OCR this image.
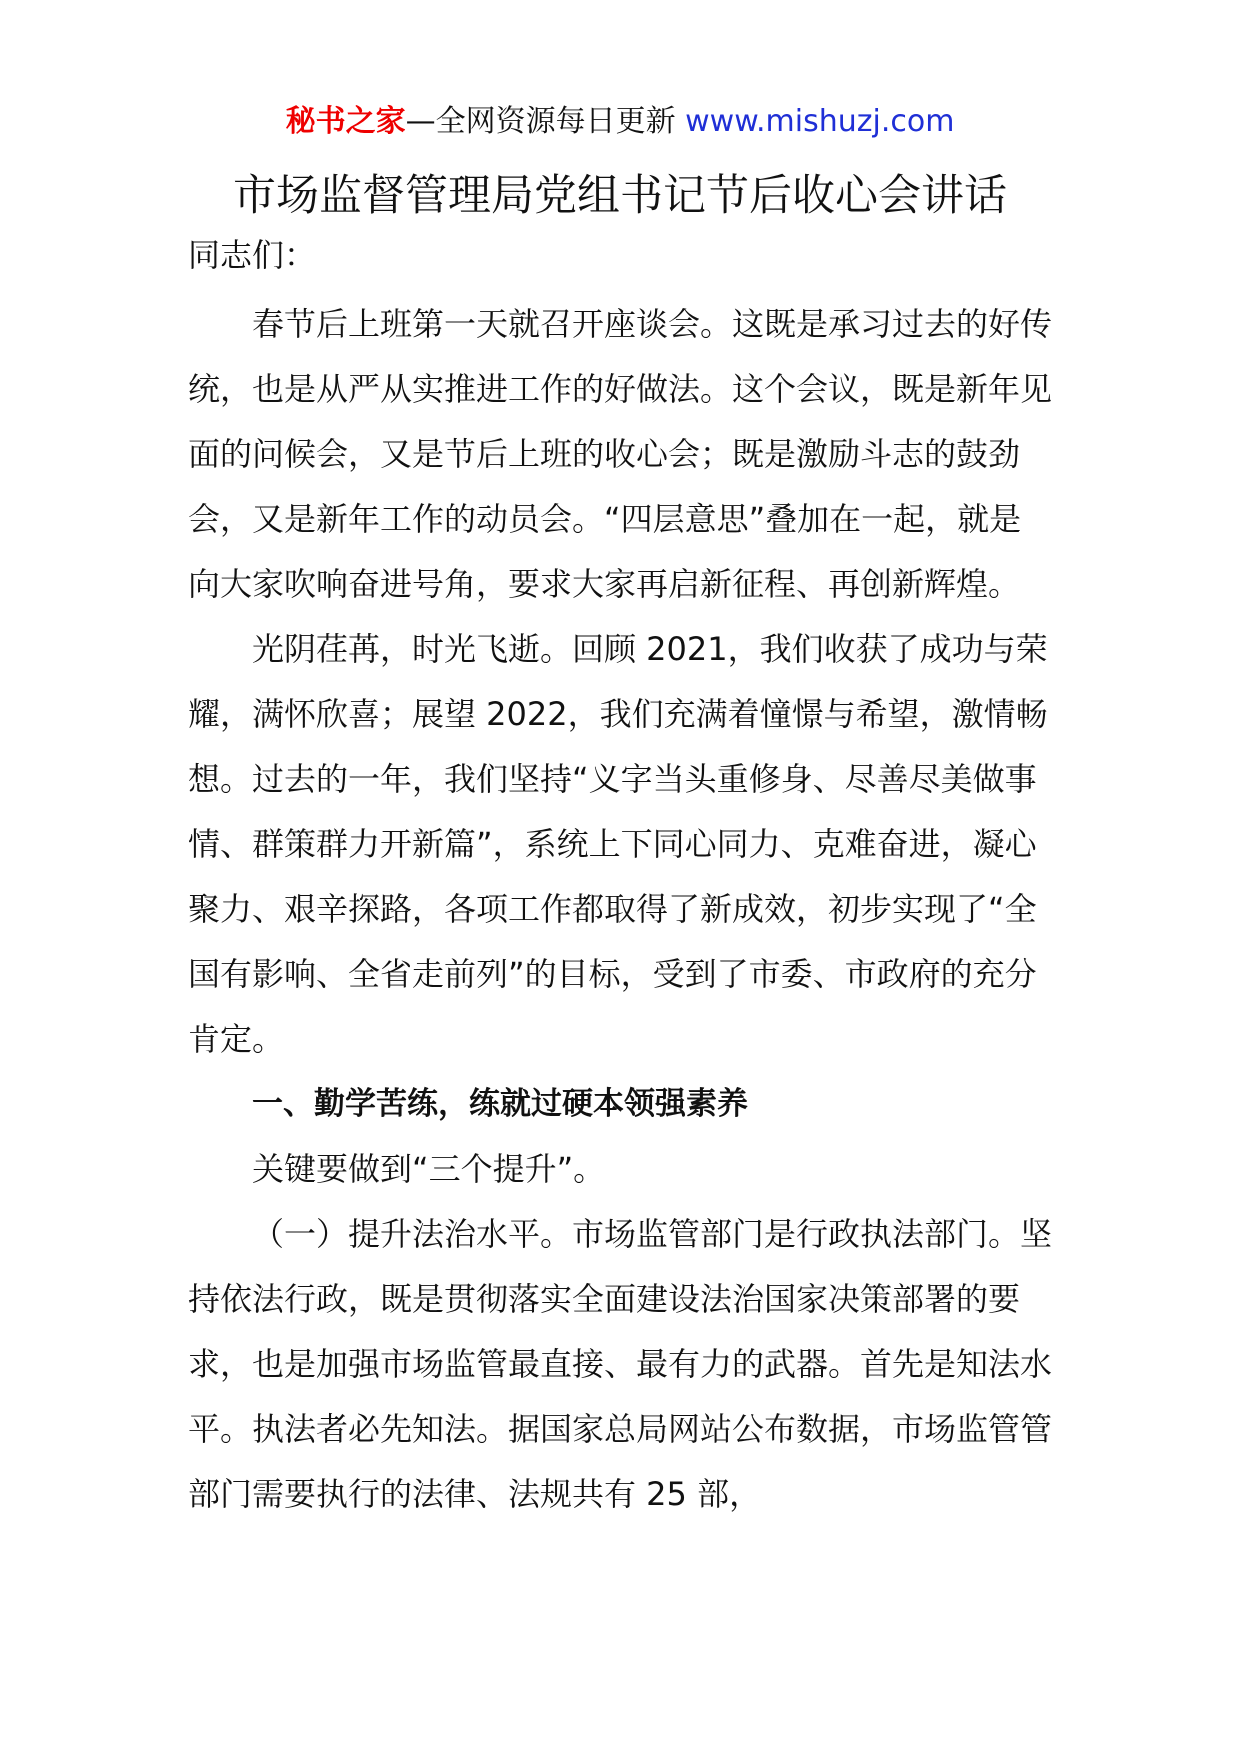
秘书之家—全网资源每日更新 www.mishuzj.com
市场监督管理局党组书记节后收心会讲话

同志们：

春节后上班第一天就召开座谈会。这既是承习过去的好传统，也是从严从实推进工作的好做法。这个会议，既是新年见面的问候会，又是节后上班的收心会；既是激励斗志的鼓劲会，又是新年工作的动员会。“四层意思”叠加在一起，就是向大家吹响奋进号角，要求大家再启新征程、再创新辉煌。

光阴荏苒，时光飞逝。回顾 2021，我们收获了成功与荣耀，满怀欣喜；展望 2022，我们充满着憧憬与希望，激情畅想。过去的一年，我们坚持“义字当头重修身、尽善尽美做事情、群策群力开新篇”，系统上下同心同力、克难奋进，凝心聚力、艰辛探路，各项工作都取得了新成效，初步实现了“全国有影响、全省走前列”的目标，受到了市委、市政府的充分肯定。

一、勤学苦练，练就过硬本领强素养

关键要做到“三个提升”。

（一）提升法治水平。市场监管部门是行政执法部门。坚持依法行政，既是贯彻落实全面建设法治国家决策部署的要求，也是加强市场监管最直接、最有力的武器。首先是知法水平。执法者必先知法。据国家总局网站公布数据，市场监管管部门需要执行的法律、法规共有 25 部，
